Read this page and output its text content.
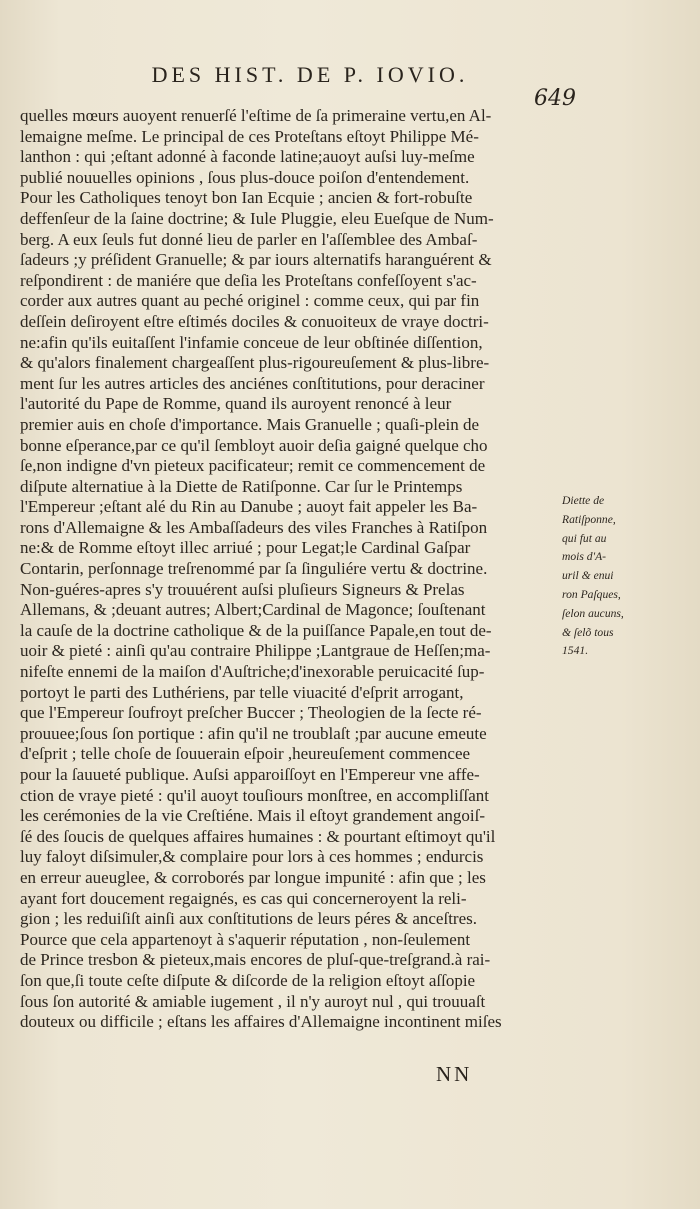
DES HIST. DE P. IOVIO.
649
quelles mœurs auoyent renuerſé l'eſtime de ſa primeraine vertu,en Al-
lemaigne meſme. Le principal de ces Proteſtans eſtoyt Philippe Mé-
lanthon : qui ;eſtant adonné à faconde latine;auoyt auſsi luy-meſme
publié nouuelles opinions , ſous plus-douce poiſon d'entendement.
Pour les Catholiques tenoyt bon Ian Ecquie ; ancien & fort-robuſte
deffenſeur de la ſaine doctrine; & Iule Pluggie, eleu Eueſque de Num-
berg. A eux ſeuls fut donné lieu de parler en l'aſſemblee des Ambaſ-
ſadeurs ;y préſident Granuelle; & par iours alternatifs haranguérent &
reſpondirent : de maniére que deſia les Proteſtans confeſſoyent s'ac-
corder aux autres quant au peché originel : comme ceux, qui par fin
deſſein deſiroyent eſtre eſtimés dociles & conuoiteux de vraye doctri-
ne:afin qu'ils euitaſſent l'infamie conceue de leur obſtinée diſſention,
& qu'alors finalement chargeaſſent plus-rigoureuſement & plus-libre-
ment ſur les autres articles des anciénes conſtitutions, pour deraciner
l'autorité du Pape de Romme, quand ils auroyent renoncé à leur
premier auis en choſe d'importance. Mais Granuelle ; quaſi-plein de
bonne eſperance,par ce qu'il ſembloyt auoir deſia gaigné quelque cho
ſe,non indigne d'vn pieteux pacificateur; remit ce commencement de
diſpute alternatiue à la Diette de Ratiſponne. Car ſur le Printemps
l'Empereur ;eſtant alé du Rin au Danube ; auoyt fait appeler les Ba-
rons d'Allemaigne & les Ambaſſadeurs des viles Franches à Ratiſpon
ne:& de Romme eſtoyt illec arriué ; pour Legat;le Cardinal Gaſpar
Contarin, perſonnage treſrenommé par ſa ſinguliére vertu & doctrine.
Non-guéres-apres s'y trouuérent auſsi pluſieurs Signeurs & Prelas
Allemans, & ;deuant autres; Albert;Cardinal de Magonce; ſouſtenant
la cauſe de la doctrine catholique & de la puiſſance Papale,en tout de-
uoir & pieté : ainſi qu'au contraire Philippe ;Lantgraue de Heſſen;ma-
nifeſte ennemi de la maiſon d'Auſtriche;d'inexorable peruicacité ſup-
portoyt le parti des Luthériens, par telle viuacité d'eſprit arrogant,
que l'Empereur ſoufroyt preſcher Buccer ; Theologien de la ſecte ré-
prouuee;ſous ſon portique : afin qu'il ne troublaſt ;par aucune emeute
d'eſprit ; telle choſe de ſouuerain eſpoir ,heureuſement commencee
pour la ſauueté publique. Auſsi apparoiſſoyt en l'Empereur vne affe-
ction de vraye pieté : qu'il auoyt touſiours monſtree, en accompliſſant
les cerémonies de la vie Creſtiéne. Mais il eſtoyt grandement angoiſ-
ſé des ſoucis de quelques affaires humaines : & pourtant eſtimoyt qu'il
luy faloyt diſsimuler,& complaire pour lors à ces hommes ; endurcis
en erreur aueuglee, & corroborés par longue impunité : afin que ; les
ayant fort doucement regaignés, es cas qui concerneroyent la reli-
gion ; les reduiſiſt ainſi aux conſtitutions de leurs péres & anceſtres.
Pource que cela appartenoyt à s'aquerir réputation , non-ſeulement
de Prince tresbon & pieteux,mais encores de pluſ-que-treſgrand.à rai-
ſon que,ſi toute ceſte diſpute & diſcorde de la religion eſtoyt aſſopie
ſous ſon autorité & amiable iugement , il n'y auroyt nul , qui trouuaſt
douteux ou difficile ; eſtans les affaires d'Allemaigne incontinent miſes
Diette de
Ratiſponne,
qui fut au
mois d'A-
uril & enui
ron Paſques,
ſelon aucuns,
& ſelõ tous
1541.
NN
